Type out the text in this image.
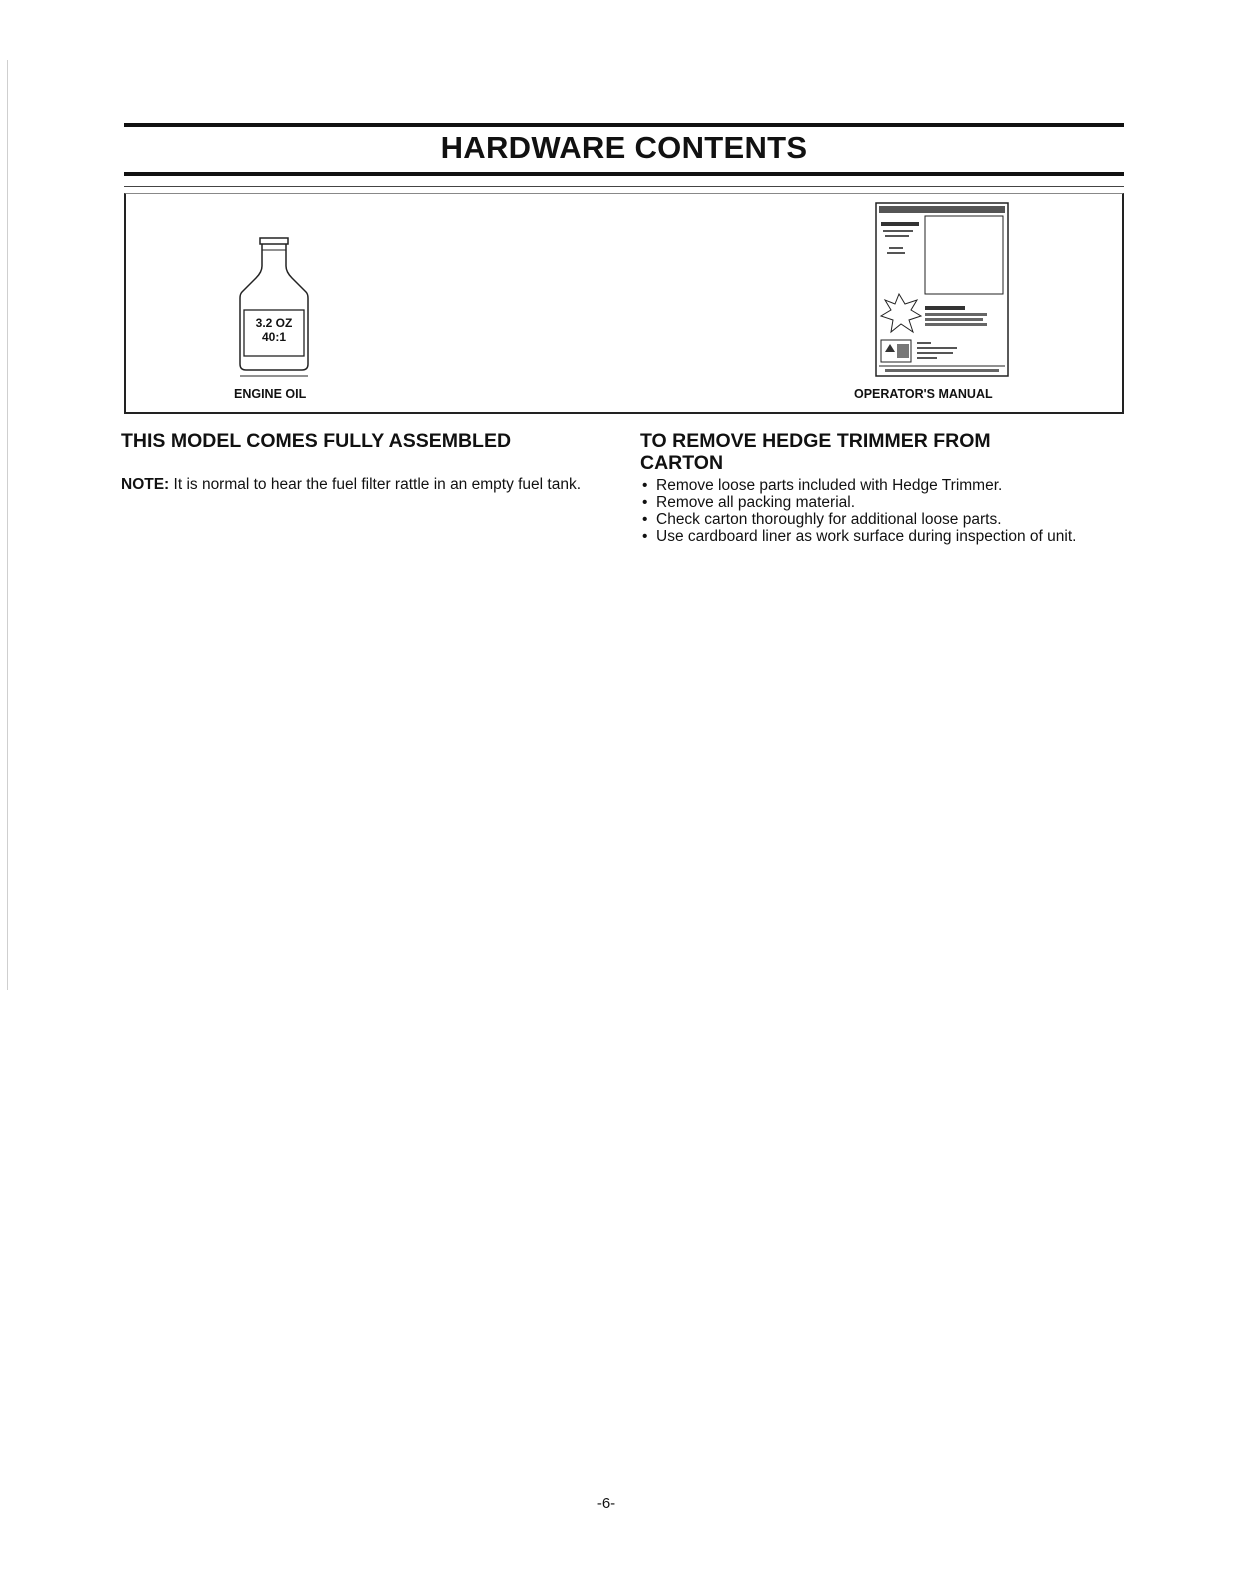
HARDWARE CONTENTS
3.2 OZ
40:1
ENGINE OIL	OPERATOR'S MANUAL
THIS MODEL COMES FULLY ASSEMBLED
NOTE: It is normal to hear the fuel filter rattle in an empty fuel tank.
TO REMOVE HEDGE TRIMMER FROM
CARTON
• Remove loose parts included with Hedge Trimmer.
• Remove all packing material.
• Check carton thoroughly for additional loose parts.
• Use cardboard liner as work surface during inspection of unit.
-6-
